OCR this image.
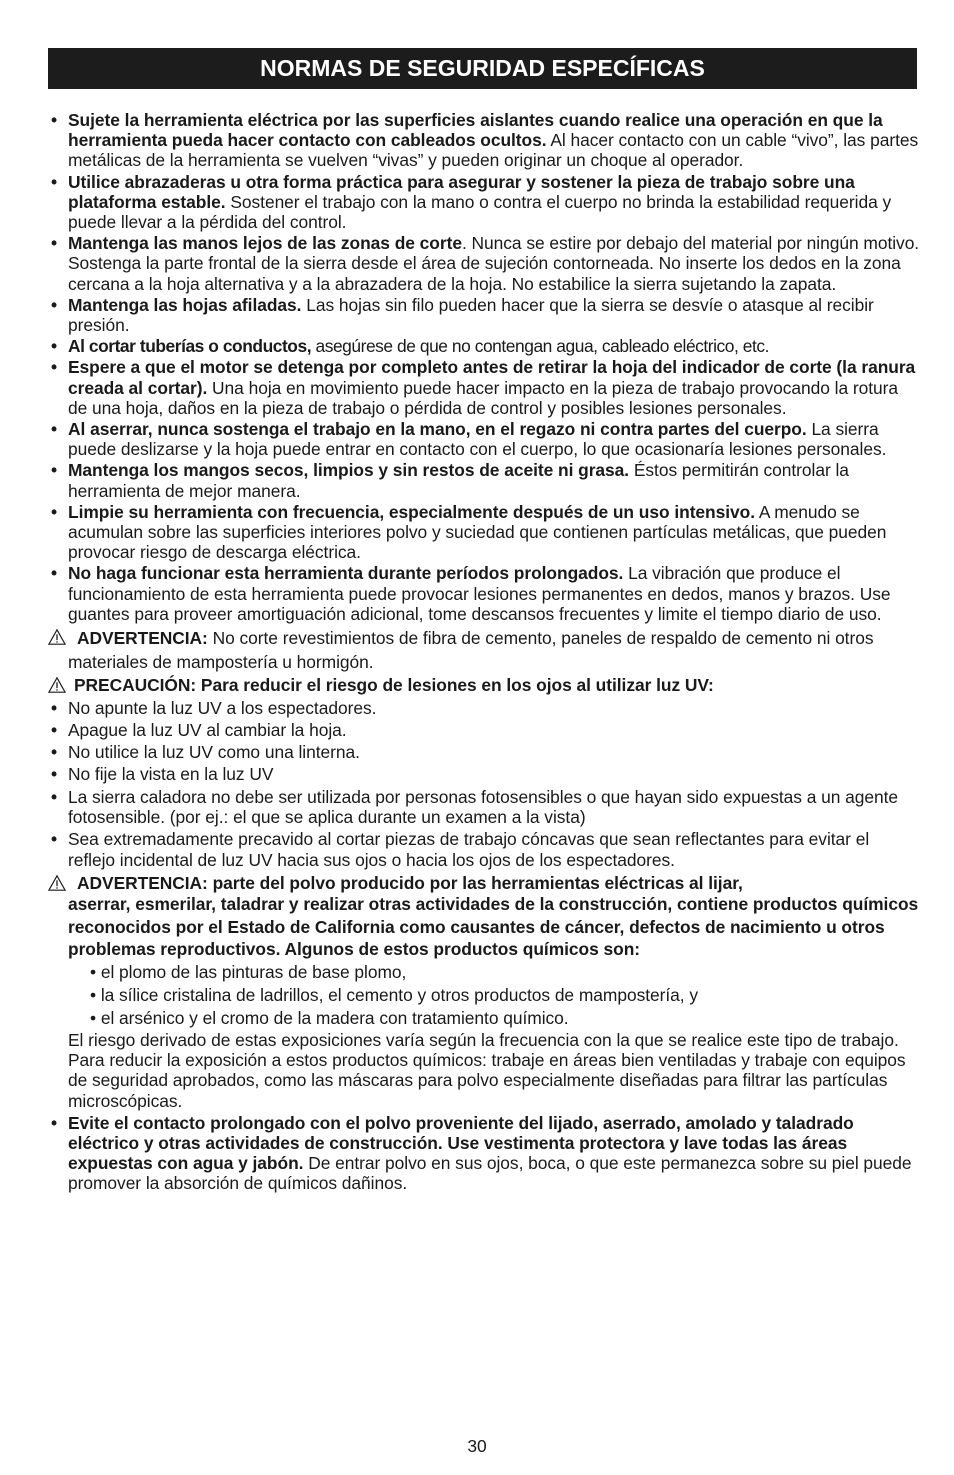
NORMAS DE SEGURIDAD ESPECÍFICAS
• Sujete la herramienta eléctrica por las superficies aislantes cuando realice una operación en que la herramienta pueda hacer contacto con cableados ocultos. Al hacer contacto con un cable “vivo”, las partes metálicas de la herramienta se vuelven “vivas” y pueden originar un choque al operador.
• Utilice abrazaderas u otra forma práctica para asegurar y sostener la pieza de trabajo sobre una plataforma estable. Sostener el trabajo con la mano o contra el cuerpo no brinda la estabilidad requerida y puede llevar a la pérdida del control.
• Mantenga las manos lejos de las zonas de corte. Nunca se estire por debajo del material por ningún motivo. Sostenga la parte frontal de la sierra desde el área de sujeción contorneada. No inserte los dedos en la zona cercana a la hoja alternativa y a la abrazadera de la hoja. No estabilice la sierra sujetando la zapata.
• Mantenga las hojas afiladas. Las hojas sin filo pueden hacer que la sierra se desvíe o atasque al recibir presión.
• Al cortar tuberías o conductos, asegúrese de que no contengan agua, cableado eléctrico, etc.
• Espere a que el motor se detenga por completo antes de retirar la hoja del indicador de corte (la ranura creada al cortar). Una hoja en movimiento puede hacer impacto en la pieza de trabajo provocando la rotura de una hoja, daños en la pieza de trabajo o pérdida de control y posibles lesiones personales.
• Al aserrar, nunca sostenga el trabajo en la mano, en el regazo ni contra partes del cuerpo. La sierra puede deslizarse y la hoja puede entrar en contacto con el cuerpo, lo que ocasionaría lesiones personales.
• Mantenga los mangos secos, limpios y sin restos de aceite ni grasa. Éstos permitirán controlar la herramienta de mejor manera.
• Limpie su herramienta con frecuencia, especialmente después de un uso intensivo. A menudo se acumulan sobre las superficies interiores polvo y suciedad que contienen partículas metálicas, que pueden provocar riesgo de descarga eléctrica.
• No haga funcionar esta herramienta durante períodos prolongados. La vibración que produce el funcionamiento de esta herramienta puede provocar lesiones permanentes en dedos, manos y brazos. Use guantes para proveer amortiguación adicional, tome descansos frecuentes y limite el tiempo diario de uso.
ADVERTENCIA: No corte revestimientos de fibra de cemento, paneles de respaldo de cemento ni otros materiales de mampostería u hormigón.
PRECAUCIÓN: Para reducir el riesgo de lesiones en los ojos al utilizar luz UV:
• No apunte la luz UV a los espectadores.
• Apague la luz UV al cambiar la hoja.
• No utilice la luz UV como una linterna.
• No fije la vista en la luz UV
• La sierra caladora no debe ser utilizada por personas fotosensibles o que hayan sido expuestas a un agente fotosensible. (por ej.: el que se aplica durante un examen a la vista)
• Sea extremadamente precavido al cortar piezas de trabajo cóncavas que sean reflectantes para evitar el reflejo incidental de luz UV hacia sus ojos o hacia los ojos de los espectadores.
ADVERTENCIA: parte del polvo producido por las herramientas eléctricas al lijar,
aserrar, esmerilar, taladrar y realizar otras actividades de la construcción, contiene productos químicos reconocidos por el Estado de California como causantes de cáncer, defectos de nacimiento u otros problemas reproductivos. Algunos de estos productos químicos son:
• el plomo de las pinturas de base plomo,
• la sílice cristalina de ladrillos, el cemento y otros productos de mampostería, y
• el arsénico y el cromo de la madera con tratamiento químico.
El riesgo derivado de estas exposiciones varía según la frecuencia con la que se realice este tipo de trabajo. Para reducir la exposición a estos productos químicos: trabaje en áreas bien ventiladas y trabaje con equipos de seguridad aprobados, como las máscaras para polvo especialmente diseñadas para filtrar las partículas microscópicas.
• Evite el contacto prolongado con el polvo proveniente del lijado, aserrado, amolado y taladrado eléctrico y otras actividades de construcción. Use vestimenta protectora y lave todas las áreas expuestas con agua y jabón. De entrar polvo en sus ojos, boca, o que este permanezca sobre su piel puede promover la absorción de químicos dañinos.
30
